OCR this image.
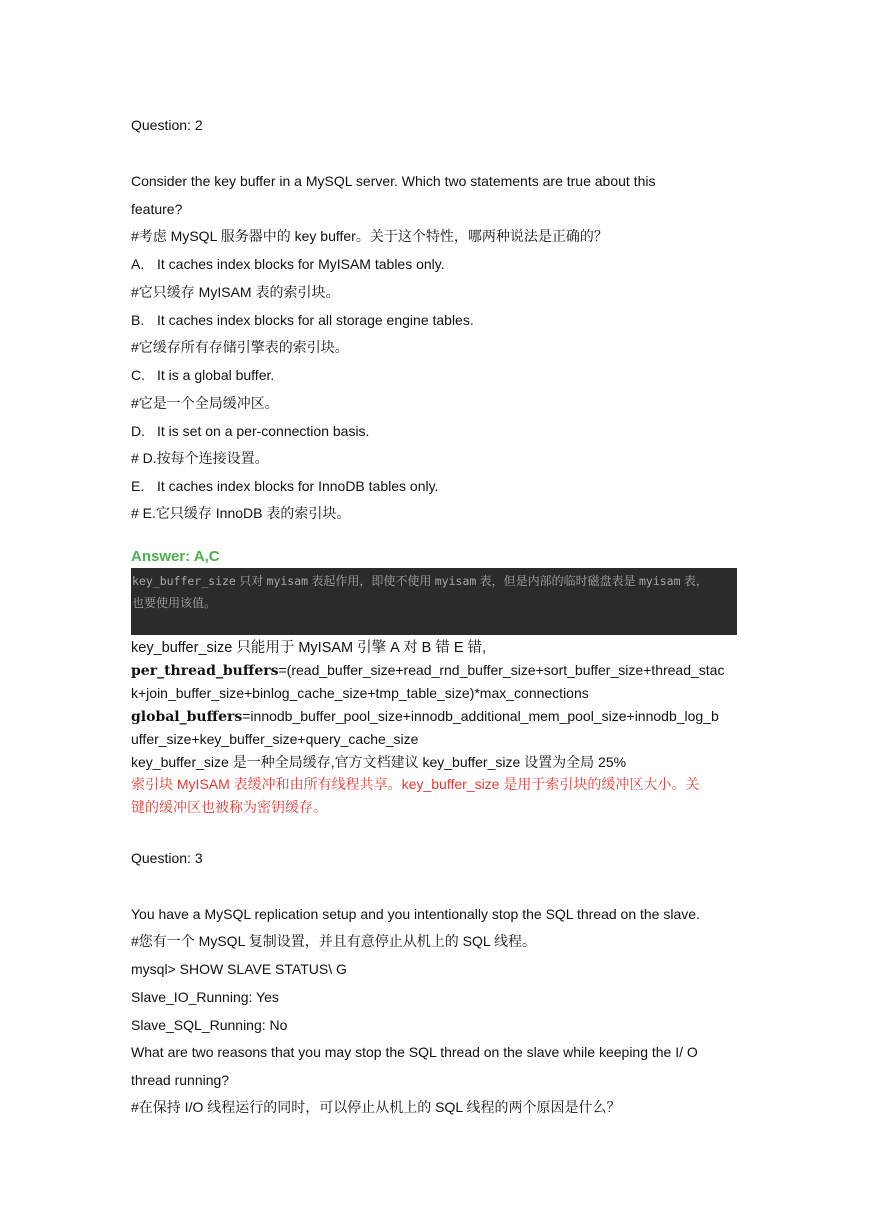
Question: 2
Consider the key buffer in a MySQL server. Which two statements are true about this
feature?
#考虑 MySQL 服务器中的 key buffer。关于这个特性，哪两种说法是正确的？
A. It caches index blocks for MyISAM tables only.
#它只缓存 MyISAM 表的索引块。
B. It caches index blocks for all storage engine tables.
#它缓存所有存储引擎表的索引块。
C. It is a global buffer.
#它是一个全局缓冲区。
D. It is set on a per-connection basis.
# D.按每个连接设置。
E. It caches index blocks for InnoDB tables only.
# E.它只缓存 InnoDB 表的索引块。
Answer: A,C
key_buffer_size 只对 myisam 表起作用，即使不使用 myisam 表，但是内部的临时磁盘表是 myisam 表，
也要使用该值。
key_buffer_size 只能用于 MyISAM 引擎 A 对 B 错 E 错,
per_thread_buffers=(read_buffer_size+read_rnd_buffer_size+sort_buffer_size+thread_stac
k+join_buffer_size+binlog_cache_size+tmp_table_size)*max_connections
global_buffers=innodb_buffer_pool_size+innodb_additional_mem_pool_size+innodb_log_b
uffer_size+key_buffer_size+query_cache_size
key_buffer_size 是一种全局缓存,官方文档建议 key_buffer_size 设置为全局 25%
索引块 MyISAM 表缓冲和由所有线程共享。key_buffer_size 是用于索引块的缓冲区大小。关
键的缓冲区也被称为密钥缓存。
Question: 3
You have a MySQL replication setup and you intentionally stop the SQL thread on the slave.
#您有一个 MySQL 复制设置，并且有意停止从机上的 SQL 线程。
mysql> SHOW SLAVE STATUS\ G
Slave_IO_Running: Yes
Slave_SQL_Running: No
What are two reasons that you may stop the SQL thread on the slave while keeping the I/ O
thread running?
#在保持 I/O 线程运行的同时，可以停止从机上的 SQL 线程的两个原因是什么？
